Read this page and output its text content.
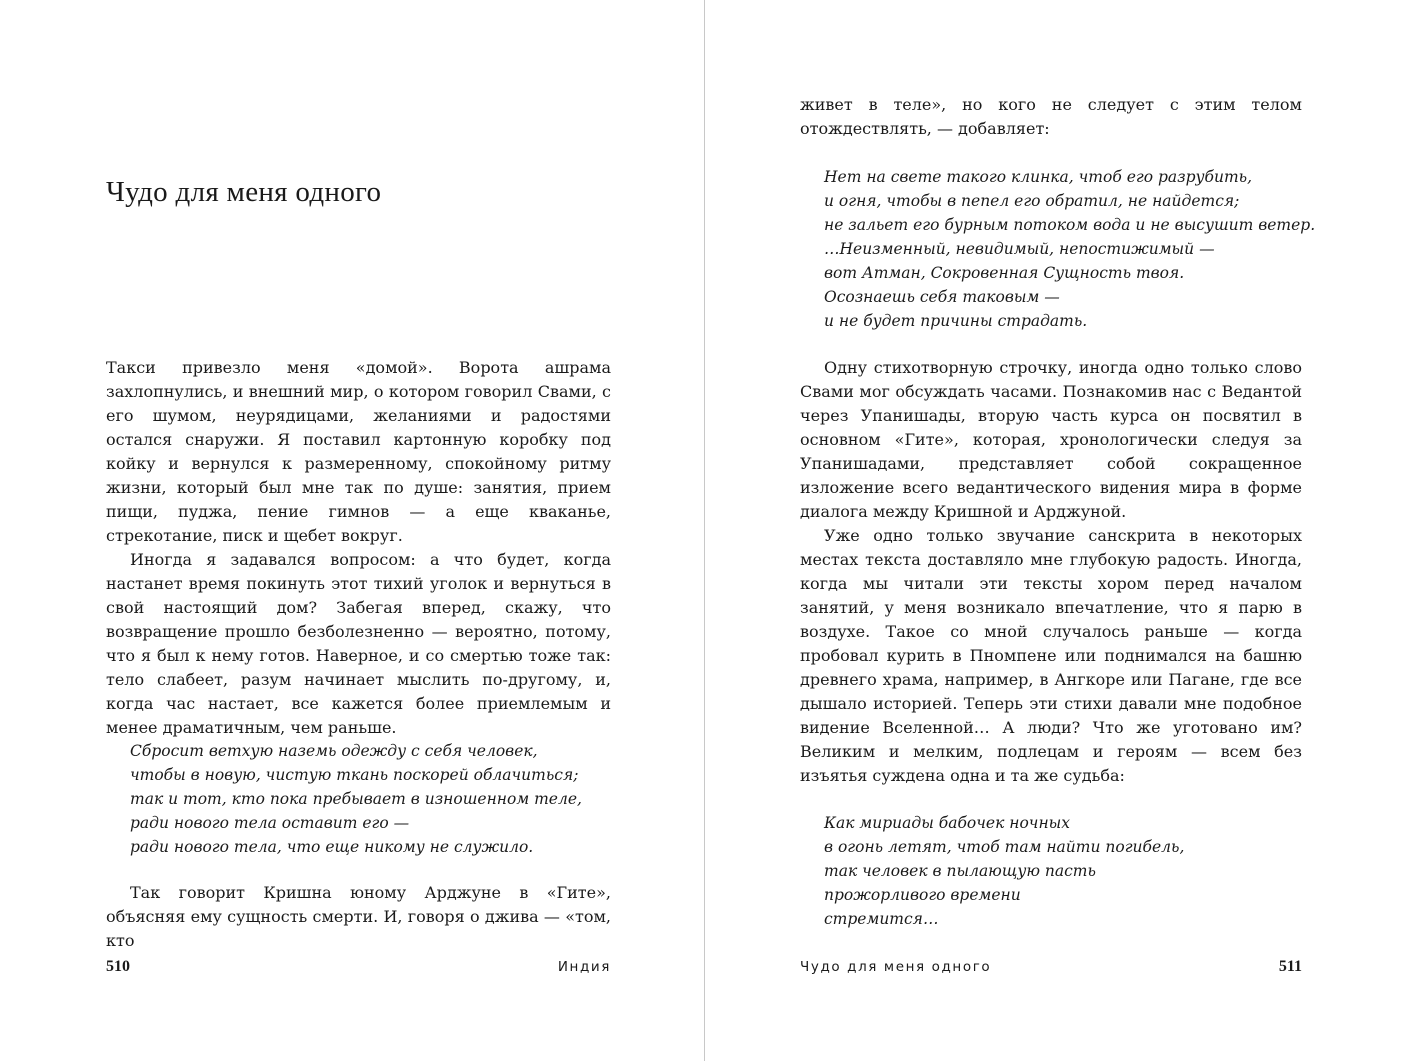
Чудо для меня одного

Такси привезло меня «домой». Ворота ашрама захлопнулись, и внешний мир, о котором говорил Свами, с его шумом, неурядицами, желаниями и радостями остался снаружи. Я поставил картонную коробку под койку и вернулся к размеренному, спокойному ритму жизни, который был мне так по душе: занятия, прием пищи, пуджа, пение гимнов — а еще кваканье, стрекотание, писк и щебет вокруг.

Иногда я задавался вопросом: а что будет, когда настанет время покинуть этот тихий уголок и вернуться в свой настоящий дом? Забегая вперед, скажу, что возвращение прошло безболезненно — вероятно, потому, что я был к нему готов. Наверное, и со смертью тоже так: тело слабеет, разум начинает мыслить по-другому, и, когда час настает, все кажется более приемлемым и менее драматичным, чем раньше.

Сбросит ветхую наземь одежду с себя человек,
чтобы в новую, чистую ткань поскорей облачиться;
так и тот, кто пока пребывает в изношенном теле,
ради нового тела оставит его —
ради нового тела, что еще никому не служило.

Так говорит Кришна юному Арджуне в «Гите», объясняя ему сущность смерти. И, говоря о джива — «том, кто

510	Индия

живет в теле», но кого не следует с этим телом отождествлять, — добавляет:

Нет на свете такого клинка, чтоб его разрубить,
и огня, чтобы в пепел его обратил, не найдется;
не зальет его бурным потоком вода и не высушит ветер.
…Неизменный, невидимый, непостижимый —
вот Атман, Сокровенная Сущность твоя.
Осознаешь себя таковым —
и не будет причины страдать.

Одну стихотворную строчку, иногда одно только слово Свами мог обсуждать часами. Познакомив нас с Ведантой через Упанишады, вторую часть курса он посвятил в основном «Гите», которая, хронологически следуя за Упанишадами, представляет собой сокращенное изложение всего ведантического видения мира в форме диалога между Кришной и Арджуной.

Уже одно только звучание санскрита в некоторых местах текста доставляло мне глубокую радость. Иногда, когда мы читали эти тексты хором перед началом занятий, у меня возникало впечатление, что я парю в воздухе. Такое со мной случалось раньше — когда пробовал курить в Пномпене или поднимался на башню древнего храма, например, в Ангкоре или Пагане, где все дышало историей. Теперь эти стихи давали мне подобное видение Вселенной… А люди? Что же уготовано им? Великим и мелким, подлецам и героям — всем без изъятья суждена одна и та же судьба:

Как мириады бабочек ночных
в огонь летят, чтоб там найти погибель,
так человек в пылающую пасть
прожорливого времени
стремится…
Чудо для меня одного	511
